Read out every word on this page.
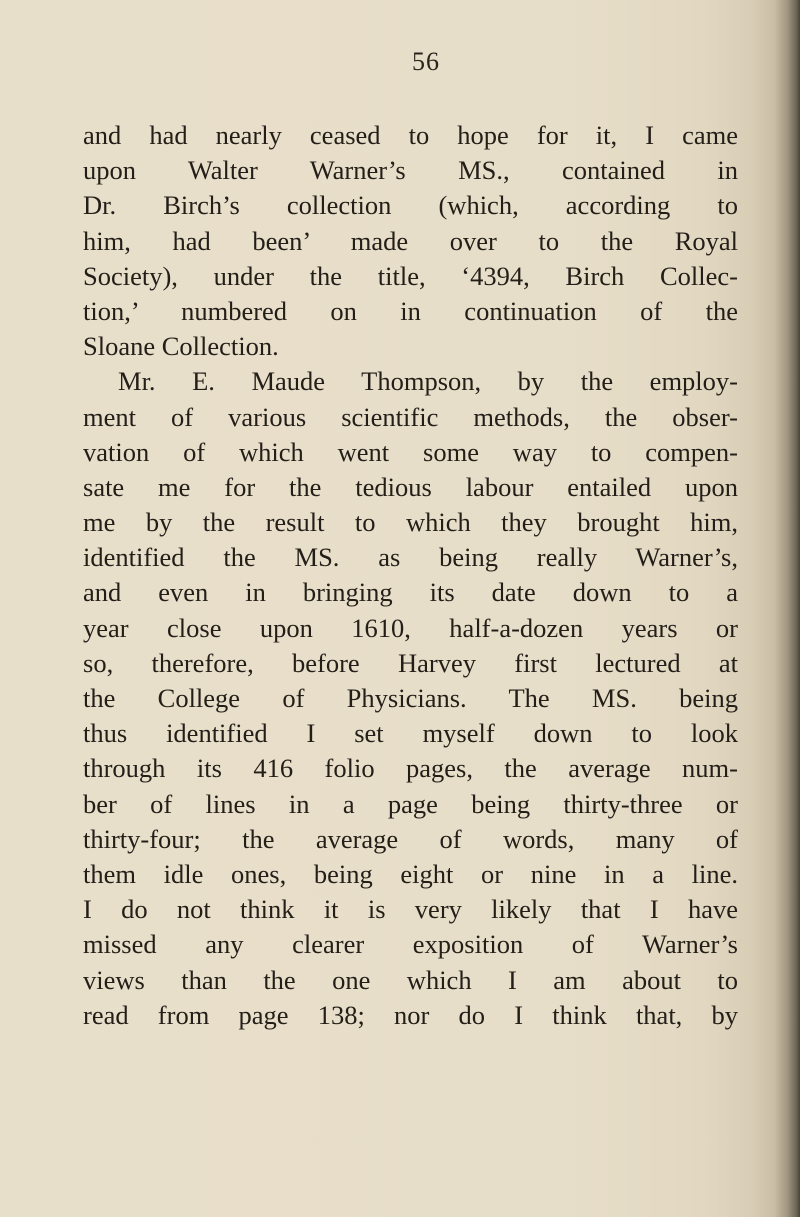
56
and had nearly ceased to hope for it, I came
upon Walter Warner’s MS., contained in
Dr. Birch’s collection (which, according to
him, had been’ made over to the Royal
Society), under the title, ‘4394, Birch Collec-
tion,’ numbered on in continuation of the
Sloane Collection.
Mr. E. Maude Thompson, by the employ-
ment of various scientific methods, the obser-
vation of which went some way to compen-
sate me for the tedious labour entailed upon
me by the result to which they brought him,
identified the MS. as being really Warner’s,
and even in bringing its date down to a
year close upon 1610, half-a-dozen years or
so, therefore, before Harvey first lectured at
the College of Physicians. The MS. being
thus identified I set myself down to look
through its 416 folio pages, the average num-
ber of lines in a page being thirty-three or
thirty-four; the average of words, many of
them idle ones, being eight or nine in a line.
I do not think it is very likely that I have
missed any clearer exposition of Warner’s
views than the one which I am about to
read from page 138; nor do I think that, by
